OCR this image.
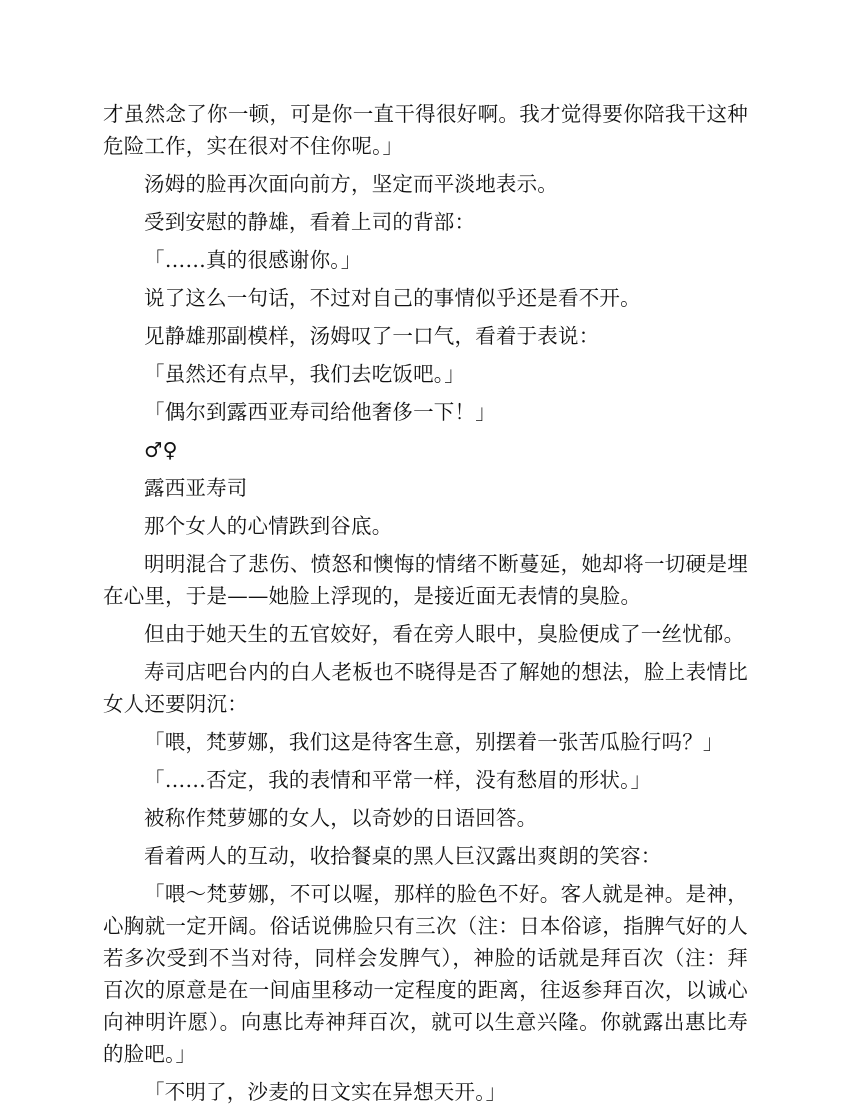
才虽然念了你一顿，可是你一直干得很好啊。我才觉得要你陪我干这种危险工作，实在很对不住你呢。」

汤姆的脸再次面向前方，坚定而平淡地表示。

受到安慰的静雄，看着上司的背部：

「……真的很感谢你。」

说了这么一句话，不过对自己的事情似乎还是看不开。

见静雄那副模样，汤姆叹了一口气，看着于表说：

「虽然还有点早，我们去吃饭吧。」

「偶尔到露西亚寿司给他奢侈一下！」

♂♀

露西亚寿司

那个女人的心情跌到谷底。

明明混合了悲伤、愤怒和懊悔的情绪不断蔓延，她却将一切硬是埋在心里，于是——她脸上浮现的，是接近面无表情的臭脸。

但由于她天生的五官姣好，看在旁人眼中，臭脸便成了一丝忧郁。

寿司店吧台内的白人老板也不晓得是否了解她的想法，脸上表情比女人还要阴沉：

「喂，梵萝娜，我们这是待客生意，别摆着一张苦瓜脸行吗？」

「……否定，我的表情和平常一样，没有愁眉的形状。」

被称作梵萝娜的女人，以奇妙的日语回答。

看着两人的互动，收拾餐桌的黑人巨汉露出爽朗的笑容：

「喂～梵萝娜，不可以喔，那样的脸色不好。客人就是神。是神，心胸就一定开阔。俗话说佛脸只有三次（注：日本俗谚，指脾气好的人若多次受到不当对待，同样会发脾气），神脸的话就是拜百次（注：拜百次的原意是在一间庙里移动一定程度的距离，往返参拜百次，以诚心向神明许愿）。向惠比寿神拜百次，就可以生意兴隆。你就露出惠比寿的脸吧。」

「不明了，沙麦的日文实在异想天开。」
